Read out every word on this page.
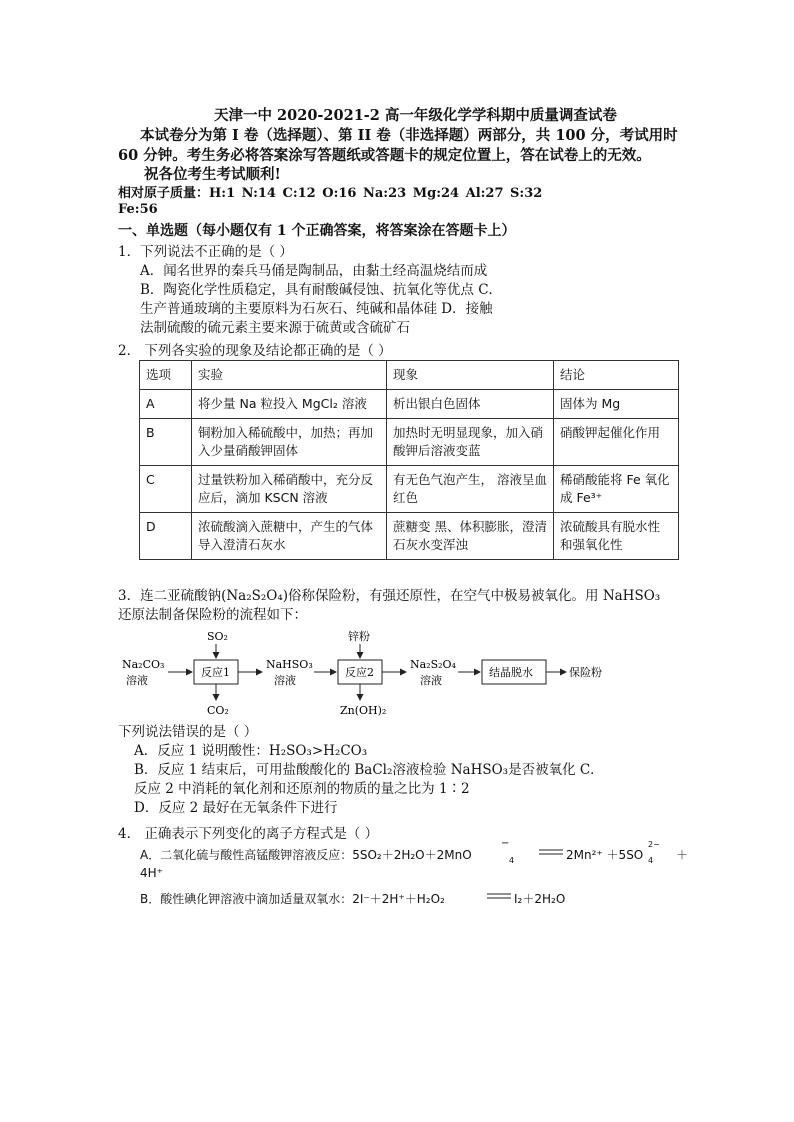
天津一中 2020-2021-2 高一年级化学学科期中质量调查试卷
本试卷分为第 I 卷（选择题）、第 II 卷（非选择题）两部分，共 100 分，考试用时
60 分钟。考生务必将答案涂写答题纸或答题卡的规定位置上，答在试卷上的无效。
祝各位考生考试顺利!
相对原子质量：H:1 N:14 C:12 O:16 Na:23 Mg:24 Al:27 S:32
Fe:56
一、单选题（每小题仅有 1 个正确答案，将答案涂在答题卡上）
1．下列说法不正确的是（ ）
A．闻名世界的秦兵马俑是陶制品，由黏土经高温烧结而成
B．陶瓷化学性质稳定，具有耐酸碱侵蚀、抗氧化等优点 C．
生产普通玻璃的主要原料为石灰石、纯碱和晶体硅 D．接触
法制硫酸的硫元素主要来源于硫黄或含硫矿石
2． 下列各实验的现象及结论都正确的是（ ）
选项	实验	现象	结论
A	将少量 Na 粒投入 MgCl₂ 溶液	析出银白色固体	固体为 Mg
B	铜粉加入稀硫酸中，加热；再加入少量硝酸钾固体	加热时无明显现象，加入硝酸钾后溶液变蓝	硝酸钾起催化作用
C	过量铁粉加入稀硝酸中，充分反应后，滴加 KSCN 溶液	有无色气泡产生， 溶液呈血红色	稀硝酸能将 Fe 氧化成 Fe³⁺
D	浓硫酸滴入蔗糖中，产生的气体导入澄清石灰水	蔗糖变 黑、体积膨胀，澄清石灰水变浑浊	浓硫酸具有脱水性和强氧化性
3．连二亚硫酸钠(Na₂S₂O₄)俗称保险粉，有强还原性，在空气中极易被氧化。用 NaHSO₃
还原法制备保险粉的流程如下：
Na₂CO₃
溶液
SO₂
反应1
CO₂
NaHSO₃
溶液
锌粉
反应2
Zn(OH)₂
Na₂S₂O₄
溶液
结晶脱水	保险粉
下列说法错误的是（ ）
A．反应 1 说明酸性：H₂SO₃>H₂CO₃
B．反应 1 结束后，可用盐酸酸化的 BaCl₂溶液检验 NaHSO₃是否被氧化 C．
反应 2 中消耗的氧化剂和还原剂的物质的量之比为 1∶2
D．反应 2 最好在无氧条件下进行
4． 正确表示下列变化的离子方程式是（ ）
A．二氧化硫与酸性高锰酸钾溶液反应：5SO₂＋2H₂O＋2MnO
−
4	2Mn²⁺ ＋5SO 4
2−
＋
4H⁺
B．酸性碘化钾溶液中滴加适量双氧水：2I⁻＋2H⁺＋H₂O₂	I₂＋2H₂O
